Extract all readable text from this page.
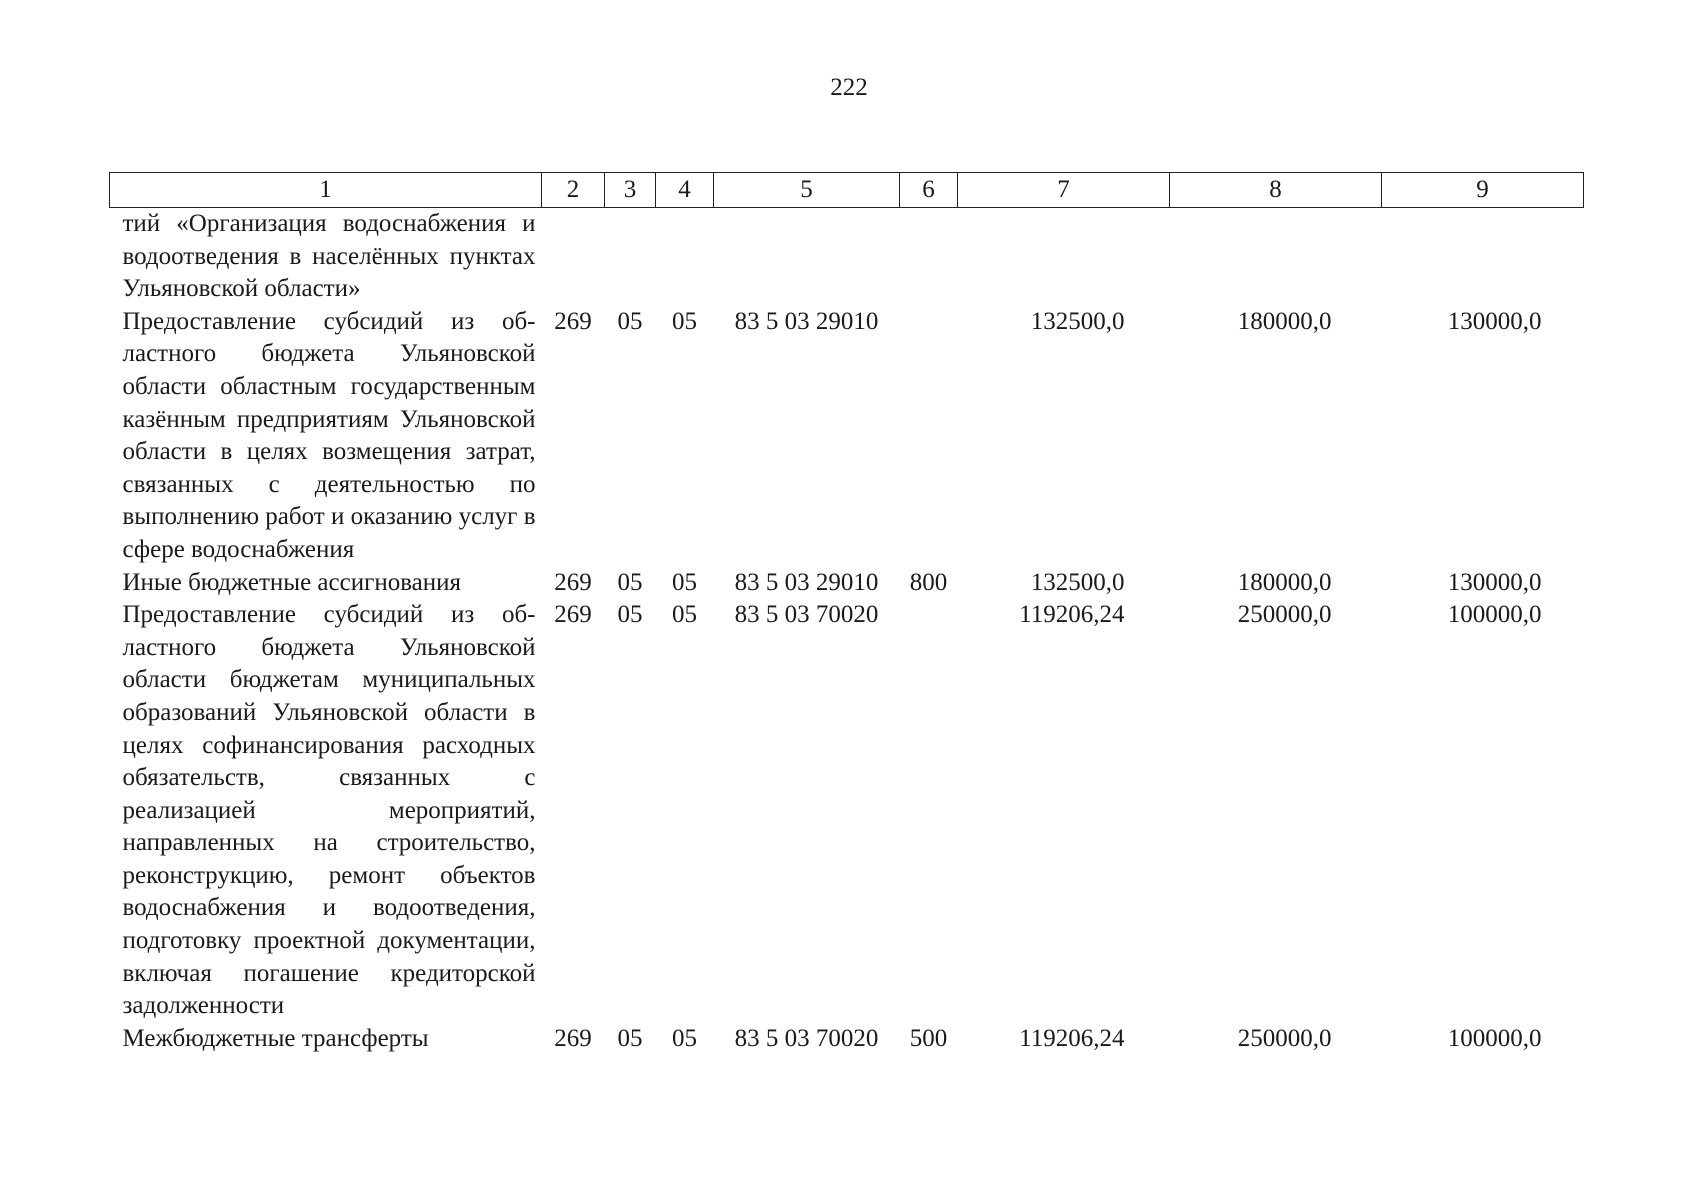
222
1	2	3	4	5	6	7	8	9
тий «Организация водоснабжения и водоотведения в населённых пунктах Ульяновской области»								
Предоставление субсидий из областного бюджета Ульяновской области областным государственным казённым предприятиям Ульяновской области в целях возмещения затрат, связанных с деятельностью по выполнению работ и оказанию услуг в сфере водоснабжения	269	05	05	83 5 03 29010		132500,0	180000,0	130000,0
Иные бюджетные ассигнования	269	05	05	83 5 03 29010	800	132500,0	180000,0	130000,0
Предоставление субсидий из областного бюджета Ульяновской области бюджетам муниципальных образований Ульяновской области в целях софинансирования расходных обязательств, связанных с реализацией мероприятий, направленных на строительство, реконструкцию, ремонт объектов водоснабжения и водоотведения, подготовку проектной документации, включая погашение кредиторской задолженности	269	05	05	83 5 03 70020		119206,24	250000,0	100000,0
Межбюджетные трансферты	269	05	05	83 5 03 70020	500	119206,24	250000,0	100000,0
